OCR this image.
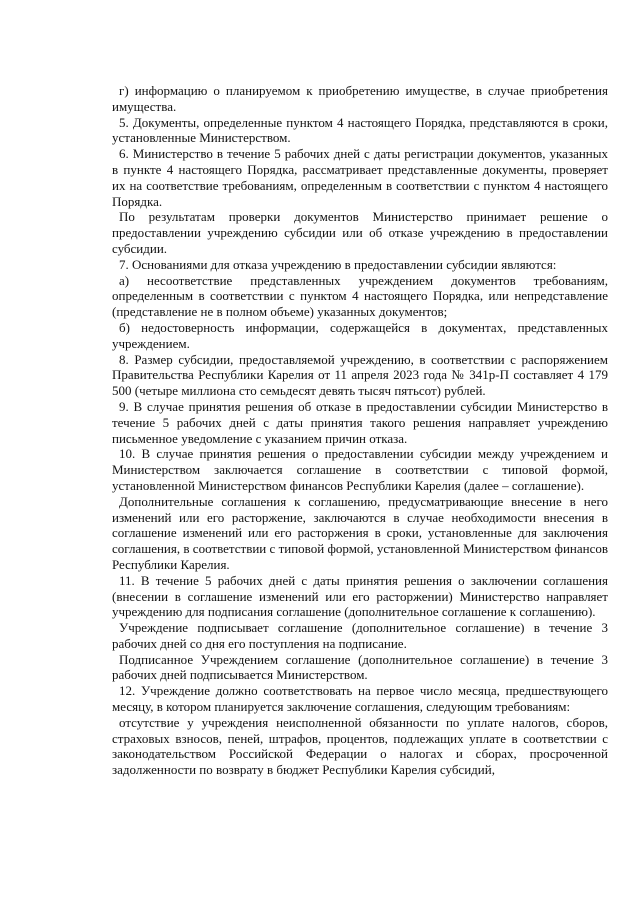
г) информацию о планируемом к приобретению имуществе, в случае приобретения имущества.

5. Документы, определенные пунктом 4 настоящего Порядка, представляются в сроки, установленные Министерством.

6. Министерство в течение 5 рабочих дней с даты регистрации документов, указанных в пункте 4 настоящего Порядка, рассматривает представленные документы, проверяет их на соответствие требованиям, определенным в соответствии с пунктом 4 настоящего Порядка.

По результатам проверки документов Министерство принимает решение о предоставлении учреждению субсидии или об отказе учреждению в предоставлении субсидии.

7. Основаниями для отказа учреждению в предоставлении субсидии являются:

а) несоответствие представленных учреждением документов требованиям, определенным в соответствии с пунктом 4 настоящего Порядка, или непредставление (представление не в полном объеме) указанных документов;

б) недостоверность информации, содержащейся в документах, представленных учреждением.

8. Размер субсидии, предоставляемой учреждению, в соответствии с распоряжением Правительства Республики Карелия от 11 апреля 2023 года № 341р-П составляет 4 179 500 (четыре миллиона сто семьдесят девять тысяч пятьсот) рублей.

9. В случае принятия решения об отказе в предоставлении субсидии Министерство в течение 5 рабочих дней с даты принятия такого решения направляет учреждению письменное уведомление с указанием причин отказа.

10. В случае принятия решения о предоставлении субсидии между учреждением и Министерством заключается соглашение в соответствии с типовой формой, установленной Министерством финансов Республики Карелия (далее – соглашение).

Дополнительные соглашения к соглашению, предусматривающие внесение в него изменений или его расторжение, заключаются в случае необходимости внесения в соглашение изменений или его расторжения в сроки, установленные для заключения соглашения, в соответствии с типовой формой, установленной Министерством финансов Республики Карелия.

11. В течение 5 рабочих дней с даты принятия решения о заключении соглашения (внесении в соглашение изменений или его расторжении) Министерство направляет учреждению для подписания соглашение (дополнительное соглашение к соглашению).

Учреждение подписывает соглашение (дополнительное соглашение) в течение 3 рабочих дней со дня его поступления на подписание.

Подписанное Учреждением соглашение (дополнительное соглашение) в течение 3 рабочих дней подписывается Министерством.

12. Учреждение должно соответствовать на первое число месяца, предшествующего месяцу, в котором планируется заключение соглашения, следующим требованиям:

отсутствие у учреждения неисполненной обязанности по уплате налогов, сборов, страховых взносов, пеней, штрафов, процентов, подлежащих уплате в соответствии с законодательством Российской Федерации о налогах и сборах, просроченной задолженности по возврату в бюджет Республики Карелия субсидий,
